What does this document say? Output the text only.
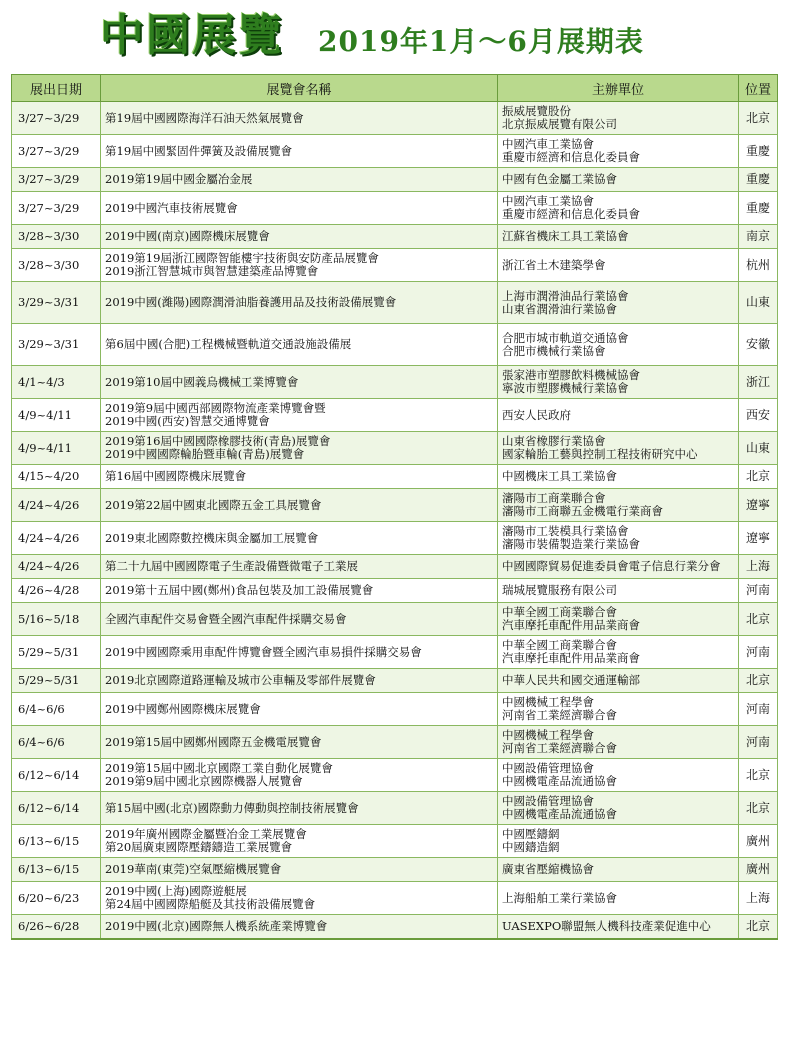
中國展覽 2019年1月～6月展期表
展出日期	展覽會名稱	主辦單位	位置
3/27~3/29	第19屆中國國際海洋石油天然氣展覽會	振威展覽股份
北京振威展覽有限公司	北京
3/27~3/29	第19屆中國緊固件彈簧及設備展覽會	中國汽車工業協會
重慶市經濟和信息化委員會	重慶
3/27~3/29	2019第19屆中國金屬冶金展	中國有色金屬工業協會	重慶
3/27~3/29	2019中國汽車技術展覽會	中國汽車工業協會
重慶市經濟和信息化委員會	重慶
3/28~3/30	2019中國(南京)國際機床展覽會	江蘇省機床工具工業協會	南京
3/28~3/30	2019第19屆浙江國際智能樓宇技術與安防產品展覽會
2019浙江智慧城市與智慧建築產品博覽會	浙江省土木建築學會	杭州
3/29~3/31	2019中國(濰陽)國際潤滑油脂養護用品及技術設備展覽會	上海市潤滑油品行業協會
山東省潤滑油行業協會	山東
3/29~3/31	第6屆中國(合肥)工程機械暨軌道交通設施設備展	合肥市城市軌道交通協會
合肥市機械行業協會	安徽
4/1~4/3	2019第10屆中國義烏機械工業博覽會	張家港市塑膠飲料機械協會
寧波市塑膠機械行業協會	浙江
4/9~4/11	2019第9屆中國西部國際物流產業博覽會暨
2019中國(西安)智慧交通博覽會	西安人民政府	西安
4/9~4/11	2019第16屆中國國際橡膠技術(青島)展覽會
2019中國國際輪胎暨車輪(青島)展覽會	山東省橡膠行業協會
國家輪胎工藝與控制工程技術研究中心	山東
4/15~4/20	第16屆中國國際機床展覽會	中國機床工具工業協會	北京
4/24~4/26	2019第22屆中國東北國際五金工具展覽會	瀋陽市工商業聯合會
瀋陽市工商聯五金機電行業商會	遼寧
4/24~4/26	2019東北國際數控機床與金屬加工展覽會	瀋陽市工裝模具行業協會
瀋陽市裝備製造業行業協會	遼寧
4/24~4/26	第二十九屆中國國際電子生產設備暨微電子工業展	中國國際貿易促進委員會電子信息行業分會	上海
4/26~4/28	2019第十五屆中國(鄭州)食品包裝及加工設備展覽會	瑞城展覽服務有限公司	河南
5/16~5/18	全國汽車配件交易會暨全國汽車配件採購交易會	中華全國工商業聯合會
汽車摩托車配件用品業商會	北京
5/29~5/31	2019中國國際乘用車配件博覽會暨全國汽車易損件採購交易會	中華全國工商業聯合會
汽車摩托車配件用品業商會	河南
5/29~5/31	2019北京國際道路運輸及城市公車輛及零部件展覽會	中華人民共和國交通運輸部	北京
6/4~6/6	2019中國鄭州國際機床展覽會	中國機械工程學會
河南省工業經濟聯合會	河南
6/4~6/6	2019第15屆中國鄭州國際五金機電展覽會	中國機械工程學會
河南省工業經濟聯合會	河南
6/12~6/14	2019第15屆中國北京國際工業自動化展覽會
2019第9屆中國北京國際機器人展覽會	中國設備管理協會
中國機電產品流通協會	北京
6/12~6/14	第15屆中國(北京)國際動力傳動與控制技術展覽會	中國設備管理協會
中國機電產品流通協會	北京
6/13~6/15	2019年廣州國際金屬暨冶金工業展覽會
第20屆廣東國際壓鑄鑄造工業展覽會	中國壓鑄網
中國鑄造網	廣州
6/13~6/15	2019華南(東莞)空氣壓縮機展覽會	廣東省壓縮機協會	廣州
6/20~6/23	2019中國(上海)國際遊艇展
第24屆中國國際船艇及其技術設備展覽會	上海船舶工業行業協會	上海
6/26~6/28	2019中國(北京)國際無人機系統產業博覽會	UASEXPO聯盟無人機科技產業促進中心	北京
